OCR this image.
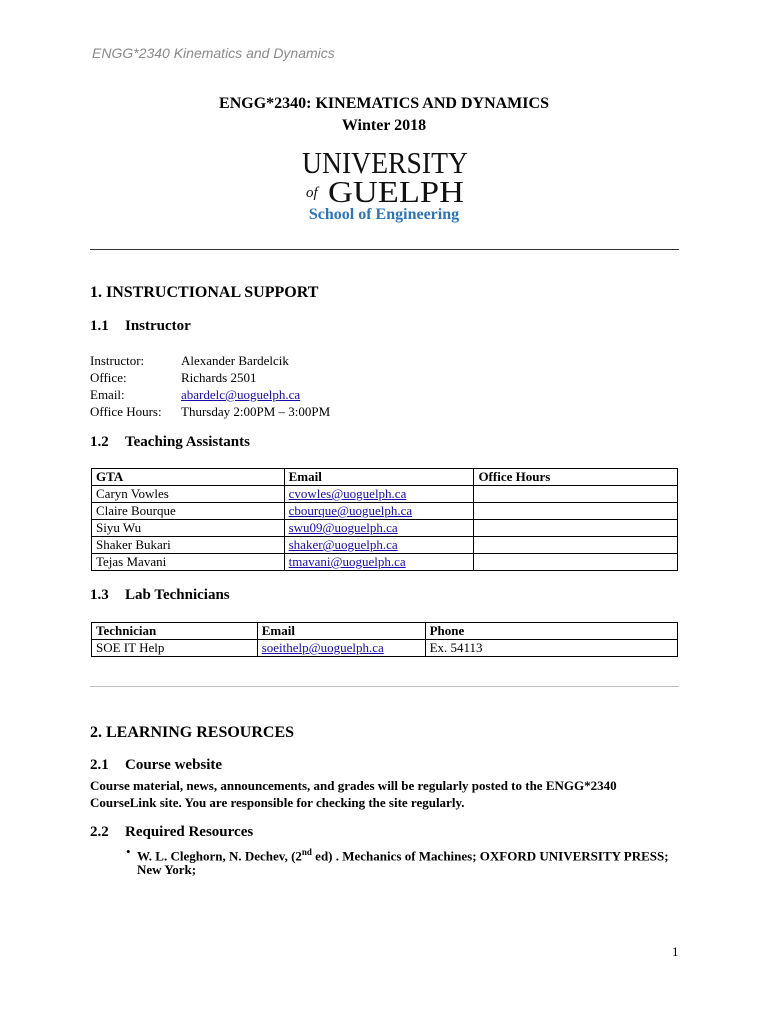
ENGG*2340 Kinematics and Dynamics
ENGG*2340: KINEMATICS AND DYNAMICS
Winter 2018
UNIVERSITY
of GUELPH
School of Engineering
1. INSTRUCTIONAL SUPPORT
1.1 Instructor
Instructor:	Alexander Bardelcik
Office:	Richards 2501
Email:	abardelc@uoguelph.ca
Office Hours: Thursday 2:00PM – 3:00PM
1.2 Teaching Assistants
GTA	Email	Office Hours
Caryn Vowles	cvowles@uoguelph.ca	
Claire Bourque	cbourque@uoguelph.ca	
Siyu Wu	swu09@uoguelph.ca	
Shaker Bukari	shaker@uoguelph.ca	
Tejas Mavani	tmavani@uoguelph.ca	
1.3 Lab Technicians
Technician	Email	Phone
SOE IT Help	soeithelp@uoguelph.ca	Ex. 54113
2. LEARNING RESOURCES
2.1 Course website
Course material, news, announcements, and grades will be regularly posted to the ENGG*2340
CourseLink site. You are responsible for checking the site regularly.
2.2 Required Resources
• W. L. Cleghorn, N. Dechev, (2nd ed) . Mechanics of Machines; OXFORD UNIVERSITY PRESS;
New York;
1
